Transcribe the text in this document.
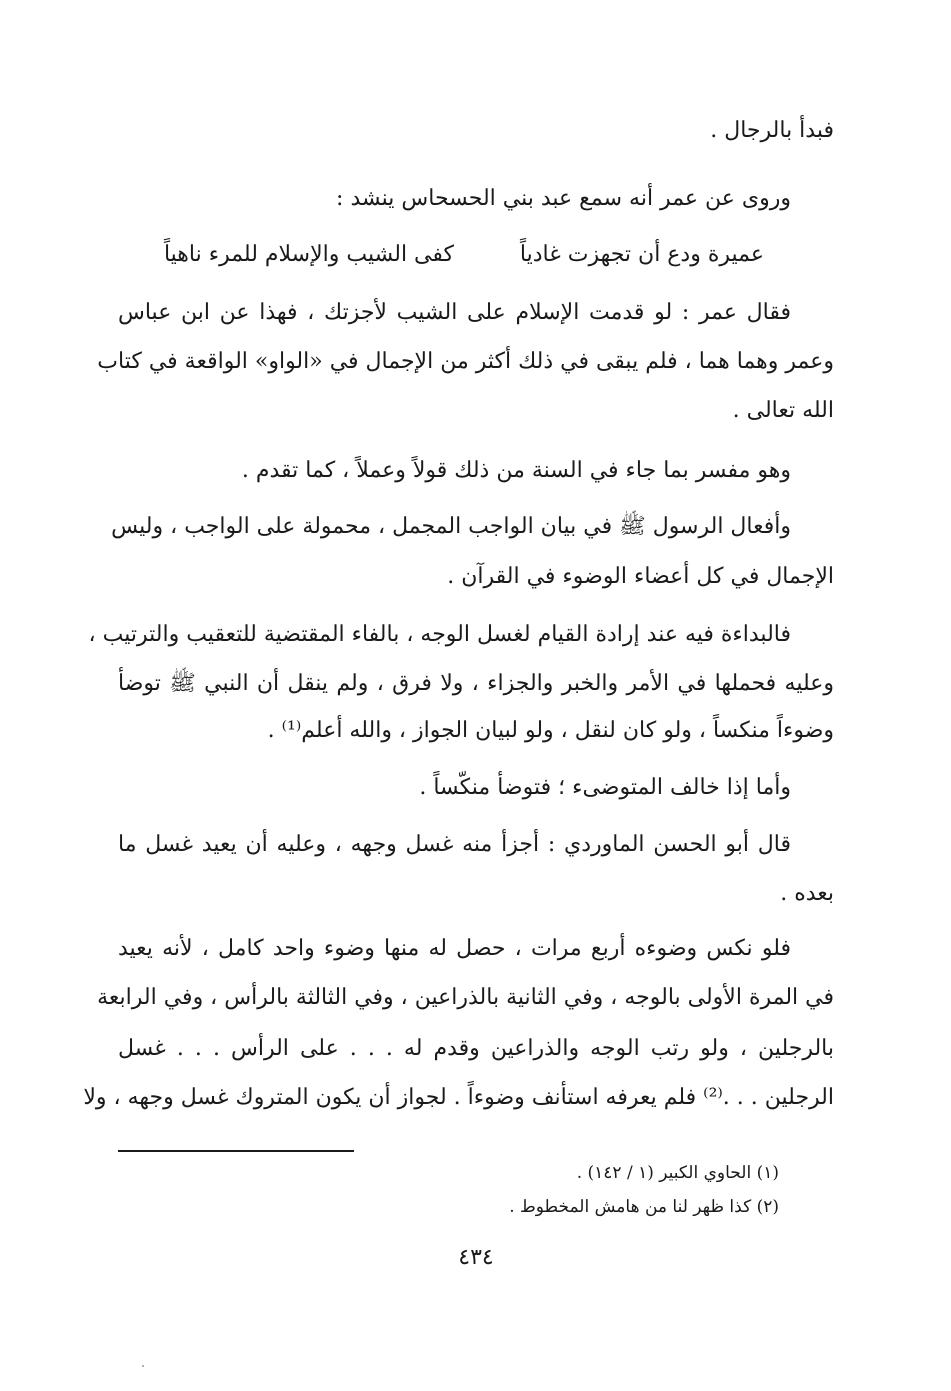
فبدأ بالرجال .
وروى عن عمر أنه سمع عبد بني الحسحاس ينشد :
عميرة ودع أن تجهزت غادياً
كفى الشيب والإسلام للمرء ناهياً
فقال عمر : لو قدمت الإسلام على الشيب لأجزتك ، فهذا عن ابن عباس
وعمر وهما هما ، فلم يبقى في ذلك أكثر من الإجمال في «الواو» الواقعة في كتاب
الله تعالى .
وهو مفسر بما جاء في السنة من ذلك قولاً وعملاً ، كما تقدم .
وأفعال الرسول ﷺ في بيان الواجب المجمل ، محمولة على الواجب ، وليس
الإجمال في كل أعضاء الوضوء في القرآن .
فالبداءة فيه عند إرادة القيام لغسل الوجه ، بالفاء المقتضية للتعقيب والترتيب ،
وعليه فحملها في الأمر والخبر والجزاء ، ولا فرق ، ولم ينقل أن النبي ﷺ توضأ
وضوءاً منكساً ، ولو كان لنقل ، ولو لبيان الجواز ، والله أعلم⁽¹⁾ .
وأما إذا خالف المتوضىء ؛ فتوضأ منكّساً .
قال أبو الحسن الماوردي : أجزأ منه غسل وجهه ، وعليه أن يعيد غسل ما
بعده .
فلو نكس وضوءه أربع مرات ، حصل له منها وضوء واحد كامل ، لأنه يعيد
في المرة الأولى بالوجه ، وفي الثانية بالذراعين ، وفي الثالثة بالرأس ، وفي الرابعة
بالرجلين ، ولو رتب الوجه والذراعين وقدم له . . . على الرأس . . . غسل
الرجلين . . .⁽²⁾ فلم يعرفه استأنف وضوءاً . لجواز أن يكون المتروك غسل وجهه ، ولا
(١) الحاوي الكبير (١ / ١٤٢) .
(٢) كذا ظهر لنا من هامش المخطوط .
٤٣٤
